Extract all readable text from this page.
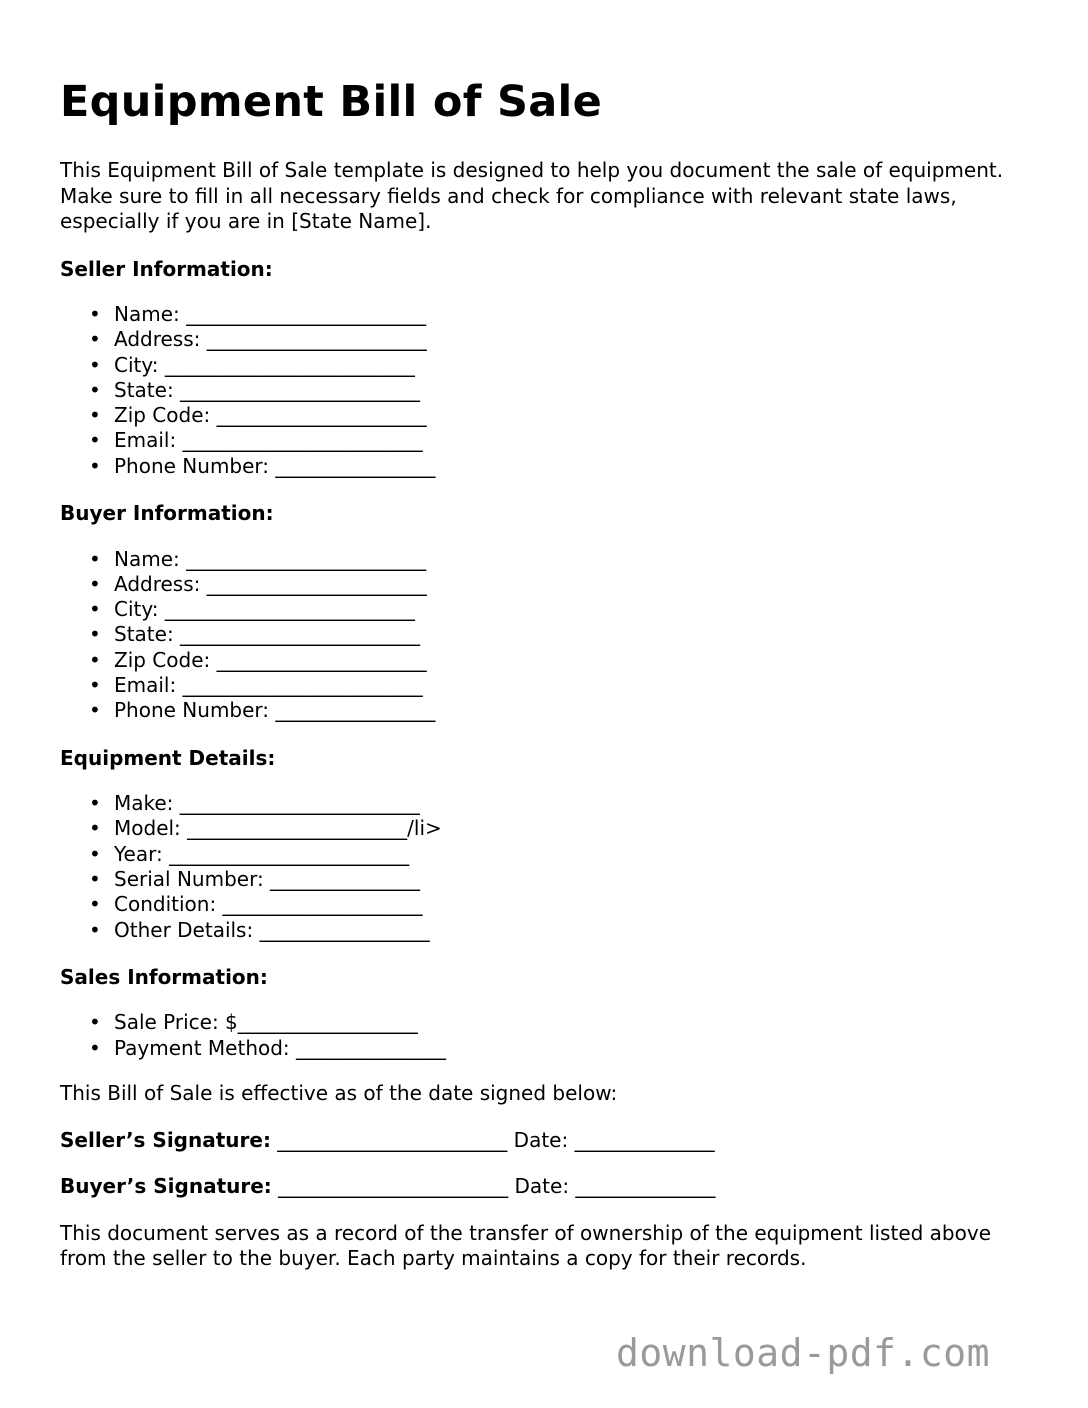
Equipment Bill of Sale

This Equipment Bill of Sale template is designed to help you document the sale of equipment. Make sure to fill in all necessary fields and check for compliance with relevant state laws, especially if you are in [State Name].

Seller Information:

• Name: ________________________
• Address: ______________________
• City: _________________________
• State: ________________________
• Zip Code: _____________________
• Email: ________________________
• Phone Number: ________________

Buyer Information:

• Name: ________________________
• Address: ______________________
• City: _________________________
• State: ________________________
• Zip Code: _____________________
• Email: ________________________
• Phone Number: ________________

Equipment Details:

• Make: ________________________
• Model: ______________________/li>
• Year: ________________________
• Serial Number: _______________
• Condition: ____________________
• Other Details: _________________

Sales Information:

• Sale Price: $__________________
• Payment Method: _______________

This Bill of Sale is effective as of the date signed below:

Seller’s Signature: _______________________ Date: ______________

Buyer’s Signature: _______________________ Date: ______________

This document serves as a record of the transfer of ownership of the equipment listed above from the seller to the buyer. Each party maintains a copy for their records.

download-pdf.com
